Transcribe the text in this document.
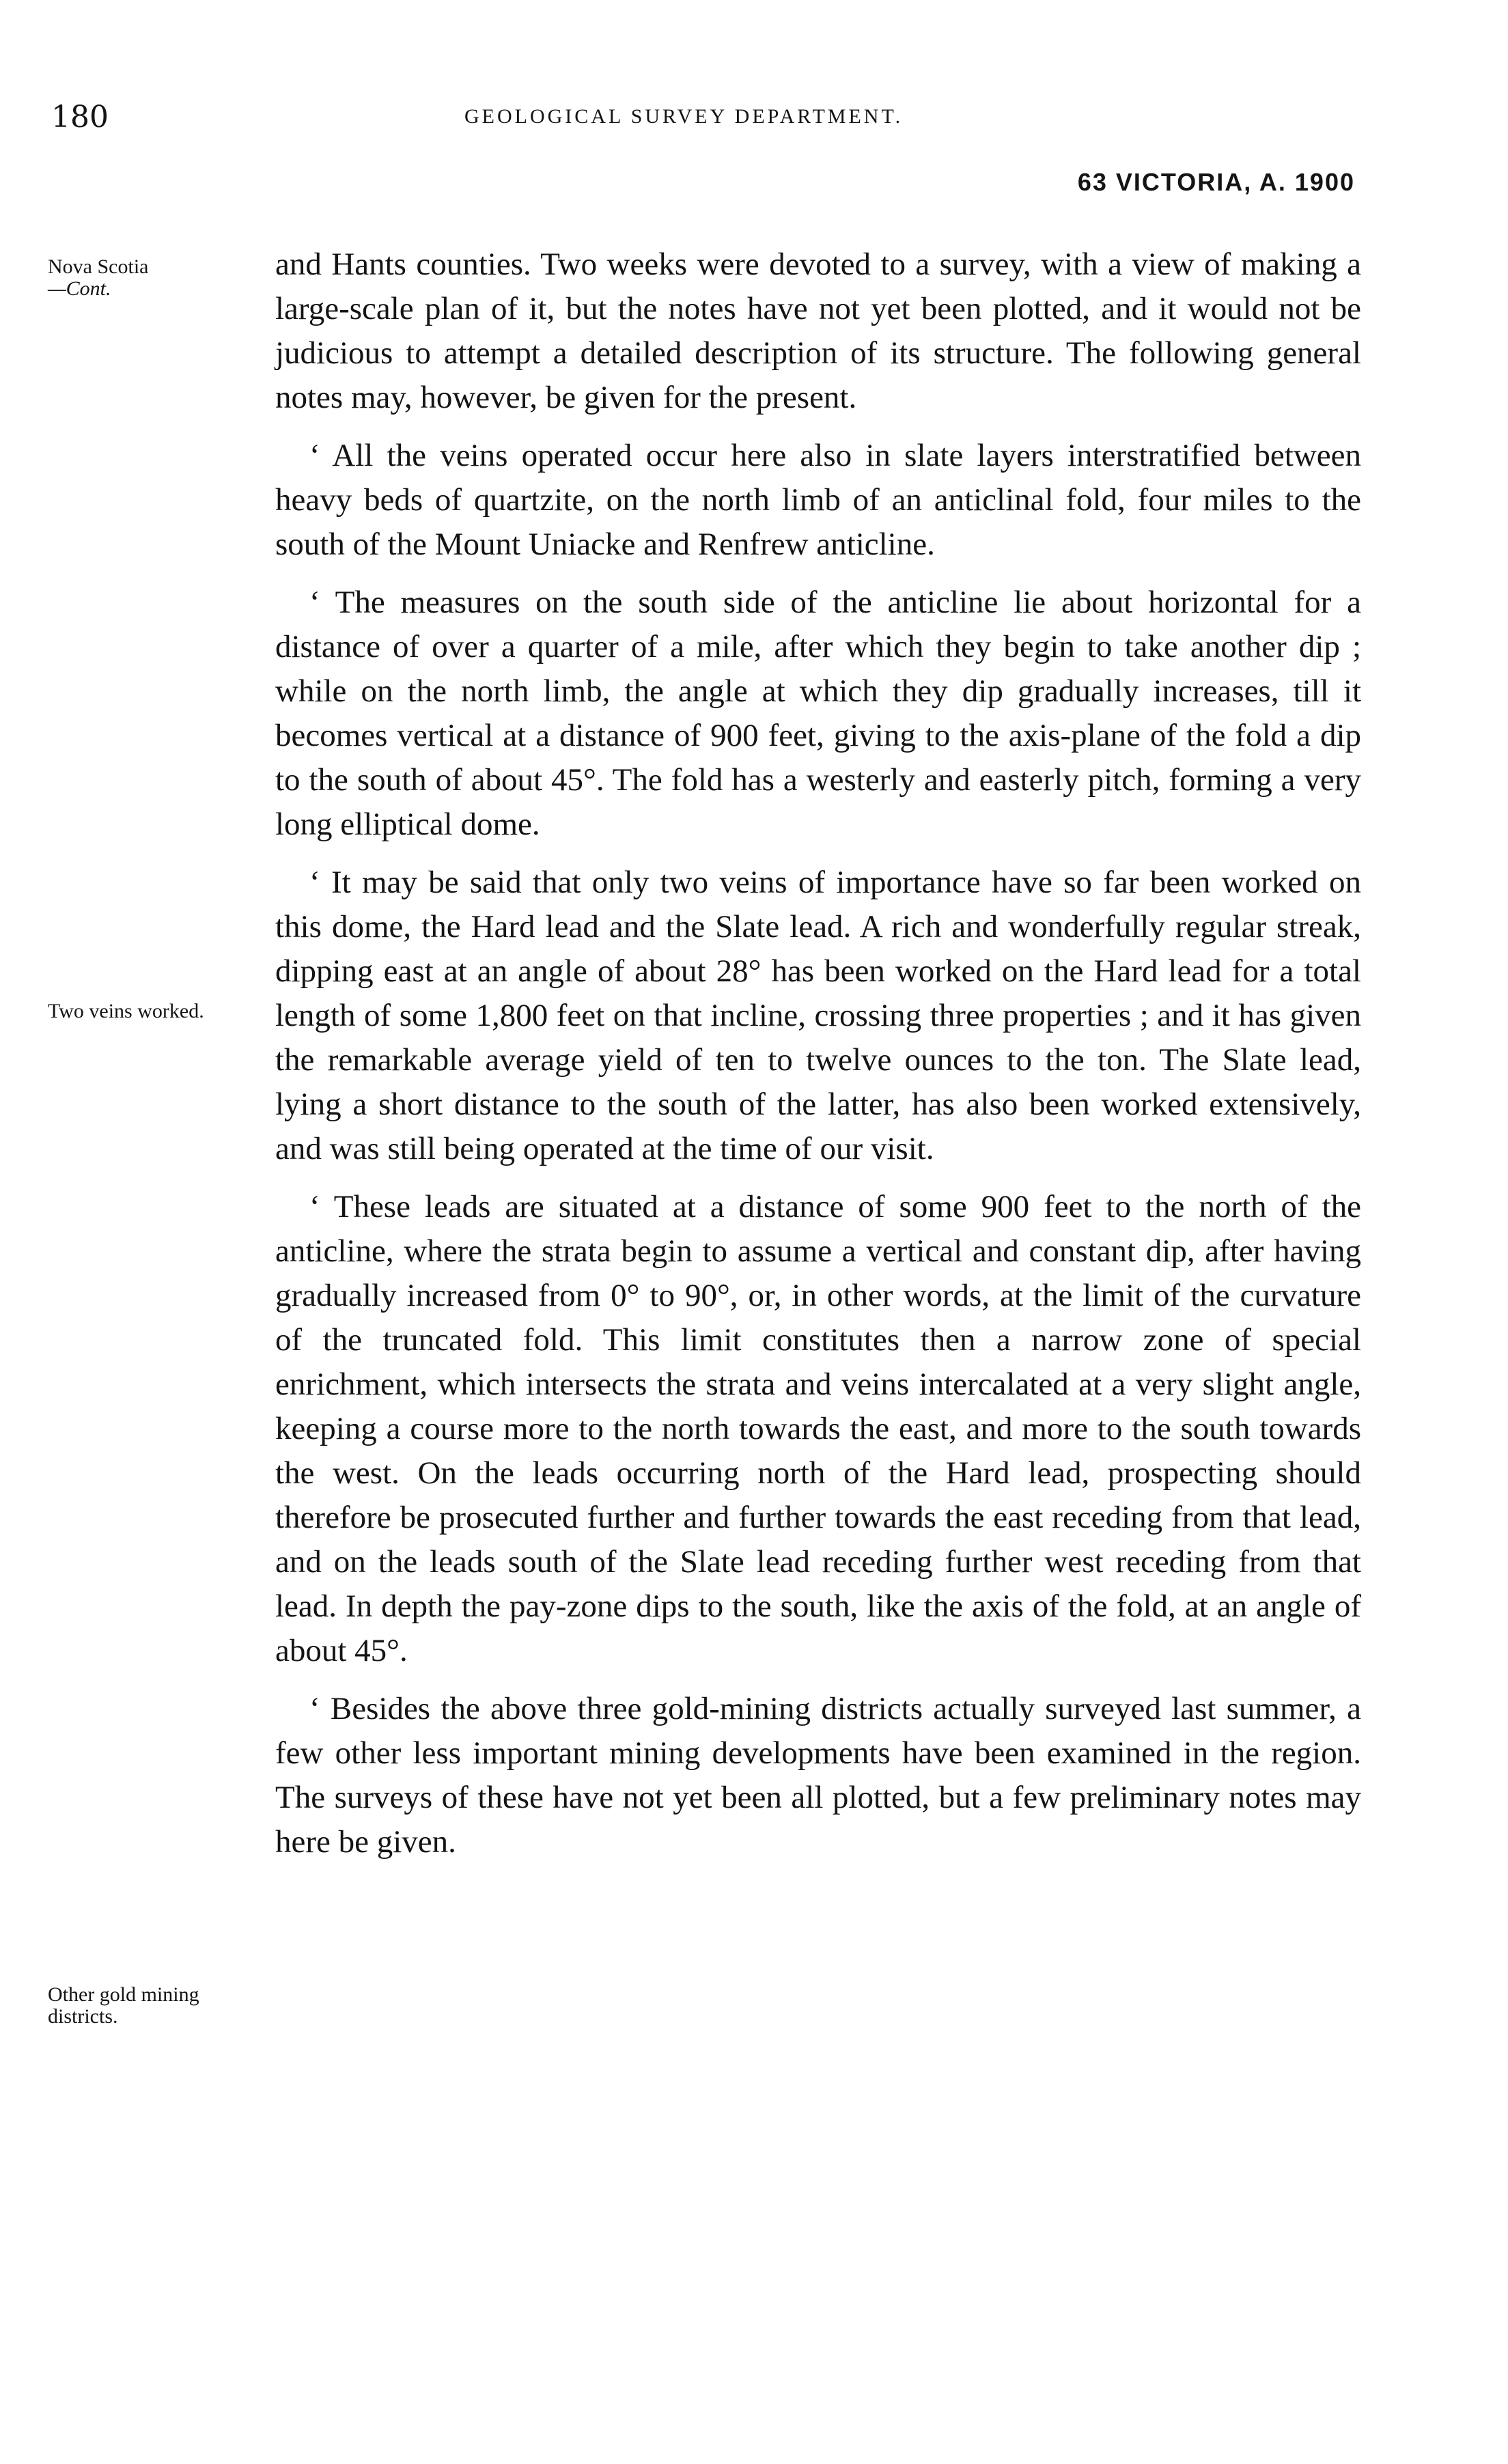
180	GEOLOGICAL SURVEY DEPARTMENT.
63 VICTORIA, A. 1900
Nova Scotia
—Cont.
Two veins worked.
Other gold mining districts.

and Hants counties. Two weeks were devoted to a survey, with a view of making a large-scale plan of it, but the notes have not yet been plotted, and it would not be judicious to attempt a detailed description of its structure. The following general notes may, however, be given for the present.

‘ All the veins operated occur here also in slate layers interstratified between heavy beds of quartzite, on the north limb of an anticlinal fold, four miles to the south of the Mount Uniacke and Renfrew anticline.

‘ The measures on the south side of the anticline lie about horizontal for a distance of over a quarter of a mile, after which they begin to take another dip ; while on the north limb, the angle at which they dip gradually increases, till it becomes vertical at a distance of 900 feet, giving to the axis-plane of the fold a dip to the south of about 45°. The fold has a westerly and easterly pitch, forming a very long elliptical dome.

‘ It may be said that only two veins of importance have so far been worked on this dome, the Hard lead and the Slate lead. A rich and wonderfully regular streak, dipping east at an angle of about 28° has been worked on the Hard lead for a total length of some 1,800 feet on that incline, crossing three properties ; and it has given the remarkable average yield of ten to twelve ounces to the ton. The Slate lead, lying a short distance to the south of the latter, has also been worked extensively, and was still being operated at the time of our visit.

‘ These leads are situated at a distance of some 900 feet to the north of the anticline, where the strata begin to assume a vertical and constant dip, after having gradually increased from 0° to 90°, or, in other words, at the limit of the curvature of the truncated fold. This limit constitutes then a narrow zone of special enrichment, which intersects the strata and veins intercalated at a very slight angle, keeping a course more to the north towards the east, and more to the south towards the west. On the leads occurring north of the Hard lead, prospecting should therefore be prosecuted further and further towards the east receding from that lead, and on the leads south of the Slate lead receding further west receding from that lead. In depth the pay-zone dips to the south, like the axis of the fold, at an angle of about 45°.

‘ Besides the above three gold-mining districts actually surveyed last summer, a few other less important mining developments have been examined in the region. The surveys of these have not yet been all plotted, but a few preliminary notes may here be given.
